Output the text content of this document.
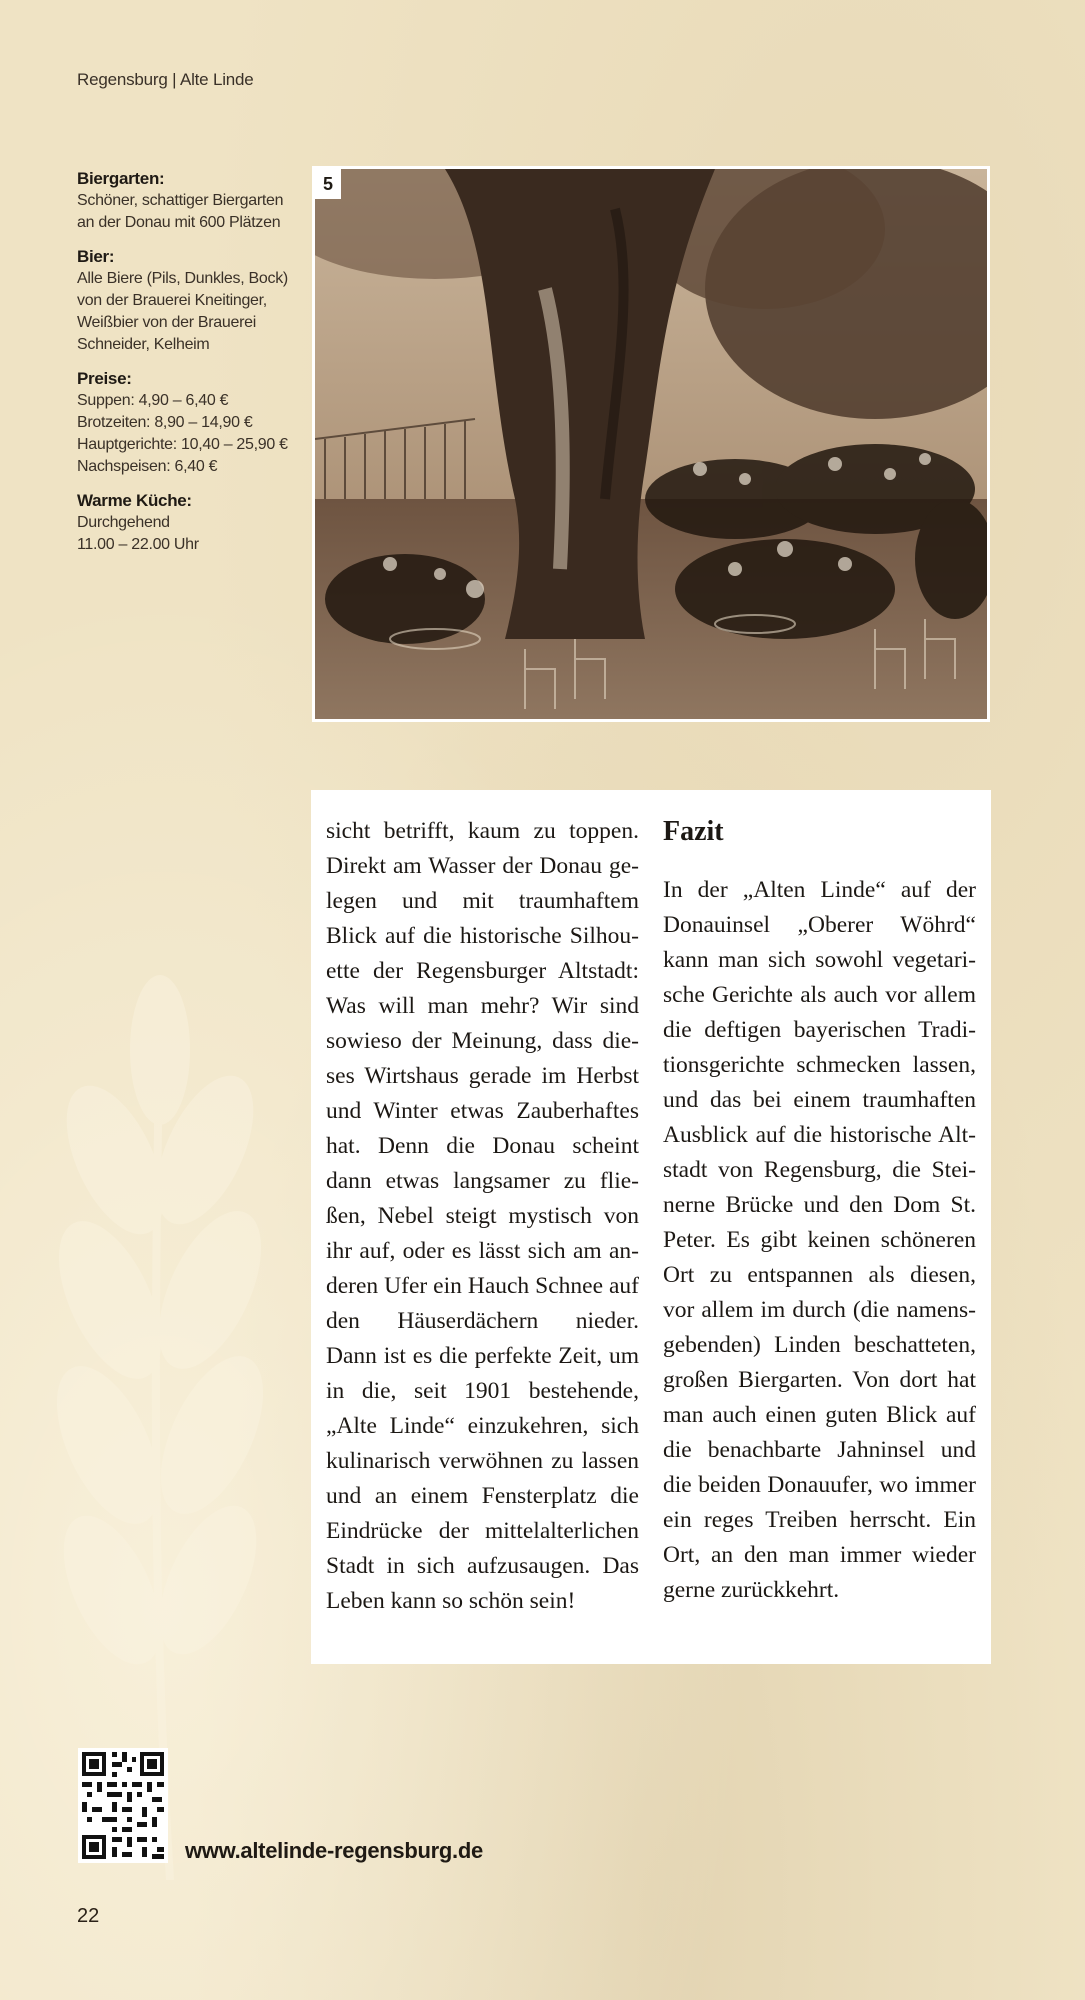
Regensburg | Alte Linde
Biergarten:
Schöner, schattiger Biergarten
an der Donau mit 600 Plätzen
Bier:
Alle Biere (Pils, Dunkles, Bock)
von der Brauerei Kneitinger,
Weißbier von der Brauerei
Schneider, Kelheim
Preise:
Suppen: 4,90 – 6,40 €
Brotzeiten: 8,90 – 14,90 €
Hauptgerichte: 10,40 – 25,90 €
Nachspeisen: 6,40 €
Warme Küche:
Durchgehend
11.00 – 22.00 Uhr
5
sicht betrifft, kaum zu toppen.
Direkt am Wasser der Donau ge-
legen und mit traumhaftem
Blick auf die historische Silhou-
ette der Regensburger Altstadt:
Was will man mehr? Wir sind
sowieso der Meinung, dass die-
ses Wirtshaus gerade im Herbst
und Winter etwas Zauberhaftes
hat. Denn die Donau scheint
dann etwas langsamer zu flie-
ßen, Nebel steigt mystisch von
ihr auf, oder es lässt sich am an-
deren Ufer ein Hauch Schnee auf
den Häuserdächern nieder.
Dann ist es die perfekte Zeit, um
in die, seit 1901 bestehende,
„Alte Linde“ einzukehren, sich
kulinarisch verwöhnen zu lassen
und an einem Fensterplatz die
Eindrücke der mittelalterlichen
Stadt in sich aufzusaugen. Das
Leben kann so schön sein!
Fazit
In der „Alten Linde“ auf der
Donauinsel „Oberer Wöhrd“
kann man sich sowohl vegetari-
sche Gerichte als auch vor allem
die deftigen bayerischen Tradi-
tionsgerichte schmecken lassen,
und das bei einem traumhaften
Ausblick auf die historische Alt-
stadt von Regensburg, die Stei-
nerne Brücke und den Dom St.
Peter. Es gibt keinen schöneren
Ort zu entspannen als diesen,
vor allem im durch (die namens-
gebenden) Linden beschatteten,
großen Biergarten. Von dort hat
man auch einen guten Blick auf
die benachbarte Jahninsel und
die beiden Donauufer, wo immer
ein reges Treiben herrscht. Ein
Ort, an den man immer wieder
gerne zurückkehrt.
www.altelinde-regensburg.de
22
